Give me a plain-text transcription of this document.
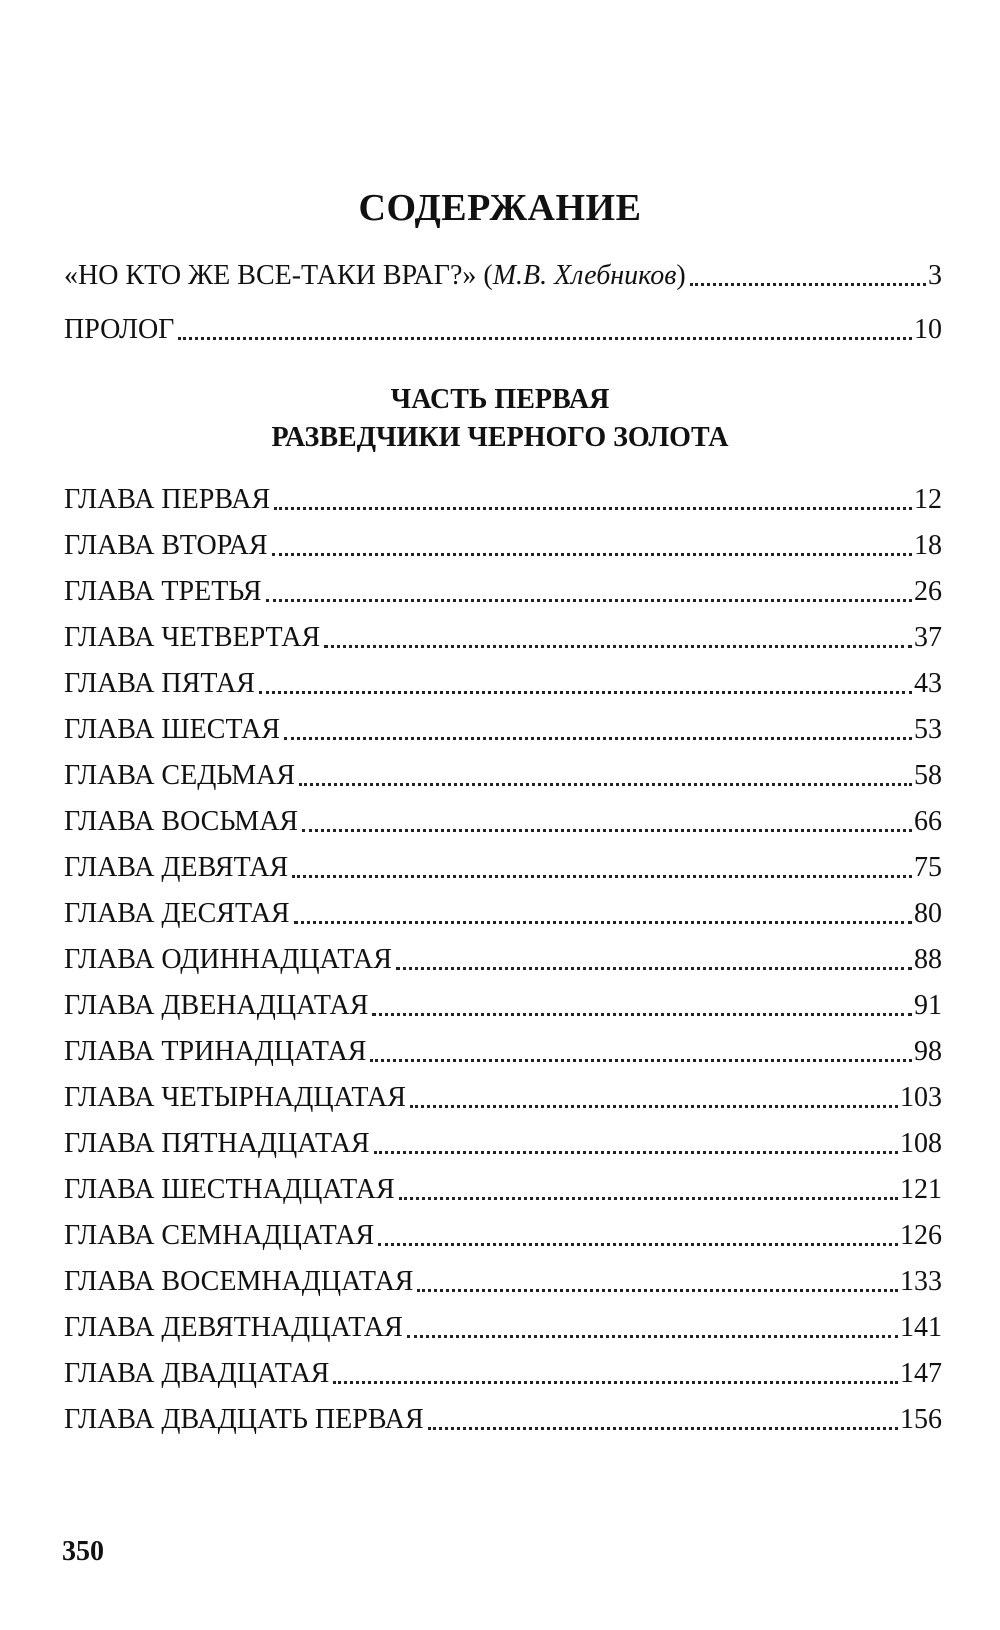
СОДЕРЖАНИЕ
«НО КТО ЖЕ ВСЕ-ТАКИ ВРАГ?» (М.В. Хлебников)	3
ПРОЛОГ	10
ЧАСТЬ ПЕРВАЯ
РАЗВЕДЧИКИ ЧЕРНОГО ЗОЛОТА
ГЛАВА ПЕРВАЯ	12
ГЛАВА ВТОРАЯ	18
ГЛАВА ТРЕТЬЯ	26
ГЛАВА ЧЕТВЕРТАЯ	37
ГЛАВА ПЯТАЯ	43
ГЛАВА ШЕСТАЯ	53
ГЛАВА СЕДЬМАЯ	58
ГЛАВА ВОСЬМАЯ	66
ГЛАВА ДЕВЯТАЯ	75
ГЛАВА ДЕСЯТАЯ	80
ГЛАВА ОДИННАДЦАТАЯ	88
ГЛАВА ДВЕНАДЦАТАЯ	91
ГЛАВА ТРИНАДЦАТАЯ	98
ГЛАВА ЧЕТЫРНАДЦАТАЯ	103
ГЛАВА ПЯТНАДЦАТАЯ	108
ГЛАВА ШЕСТНАДЦАТАЯ	121
ГЛАВА СЕМНАДЦАТАЯ	126
ГЛАВА ВОСЕМНАДЦАТАЯ	133
ГЛАВА ДЕВЯТНАДЦАТАЯ	141
ГЛАВА ДВАДЦАТАЯ	147
ГЛАВА ДВАДЦАТЬ ПЕРВАЯ	156
350
